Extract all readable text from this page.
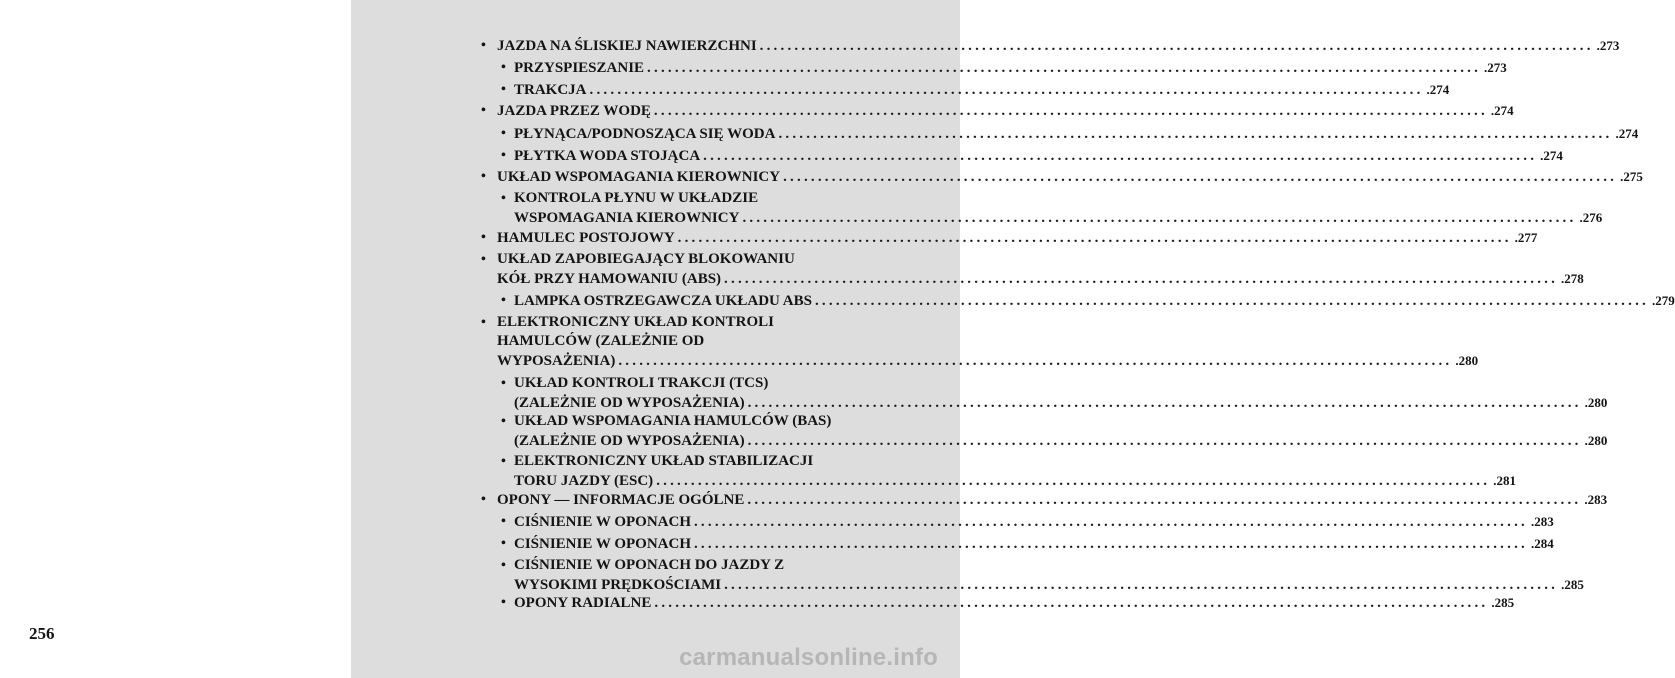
256
• JAZDA NA ŚLISKIEJ NAWIERZCHNI ........................................................................................................................ .273
• PRZYSPIESZANIE ........................................................................................................................ .273
• TRAKCJA ........................................................................................................................ .274
• JAZDA PRZEZ WODĘ ........................................................................................................................ .274
• PŁYNĄCA/PODNOSZĄCA SIĘ WODA ........................................................................................................................ .274
• PŁYTKA WODA STOJĄCA ........................................................................................................................ .274
• UKŁAD WSPOMAGANIA KIEROWNICY ........................................................................................................................ .275
• KONTROLA PŁYNU W UKŁADZIE
WSPOMAGANIA KIEROWNICY ........................................................................................................................ .276
• HAMULEC POSTOJOWY ........................................................................................................................ .277
• UKŁAD ZAPOBIEGAJĄCY BLOKOWANIU
KÓŁ PRZY HAMOWANIU (ABS) ........................................................................................................................ .278
• LAMPKA OSTRZEGAWCZA UKŁADU ABS ........................................................................................................................ .279
• ELEKTRONICZNY UKŁAD KONTROLI
HAMULCÓW (ZALEŻNIE OD
WYPOSAŻENIA) ........................................................................................................................ .280
• UKŁAD KONTROLI TRAKCJI (TCS)
(ZALEŻNIE OD WYPOSAŻENIA) ........................................................................................................................ .280
• UKŁAD WSPOMAGANIA HAMULCÓW (BAS)
(ZALEŻNIE OD WYPOSAŻENIA) ........................................................................................................................ .280
• ELEKTRONICZNY UKŁAD STABILIZACJI
TORU JAZDY (ESC) ........................................................................................................................ .281
• OPONY — INFORMACJE OGÓLNE ........................................................................................................................ .283
• CIŚNIENIE W OPONACH ........................................................................................................................ .283
• CIŚNIENIE W OPONACH ........................................................................................................................ .284
• CIŚNIENIE W OPONACH DO JAZDY Z
WYSOKIMI PRĘDKOŚCIAMI ........................................................................................................................ .285
• OPONY RADIALNE ........................................................................................................................ .285
carmanualsonline.info
